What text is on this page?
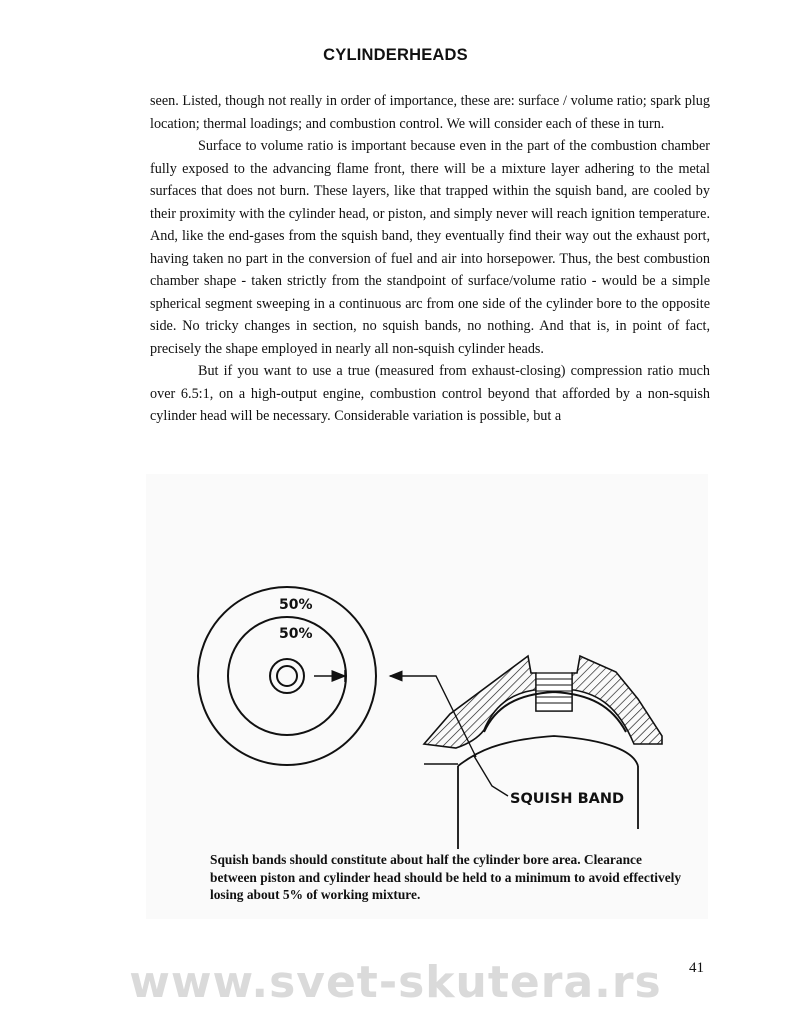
CYLINDERHEADS

seen. Listed, though not really in order of importance, these are: surface / volume ratio; spark plug location; thermal loadings; and combustion control. We will consider each of these in turn.

Surface to volume ratio is important because even in the part of the combustion chamber fully exposed to the advancing flame front, there will be a mixture layer adhering to the metal surfaces that does not burn. These layers, like that trapped within the squish band, are cooled by their proximity with the cylinder head, or piston, and simply never will reach ignition temperature. And, like the end-gases from the squish band, they eventually find their way out the exhaust port, having taken no part in the conversion of fuel and air into horsepower. Thus, the best combustion chamber shape - taken strictly from the standpoint of surface/volume ratio - would be a simple spherical segment sweeping in a continuous arc from one side of the cylinder bore to the opposite side. No tricky changes in section, no squish bands, no nothing. And that is, in point of fact, precisely the shape employed in nearly all non-squish cylinder heads.

But if you want to use a true (measured from exhaust-closing) compression ratio much over 6.5:1, on a high-output engine, combustion control beyond that afforded by a non-squish cylinder head will be necessary. Considerable variation is possible, but a

50%
50%
SQUISH BAND
Squish bands should constitute about half the cylinder bore area. Clearance between piston and cylinder head should be held to a minimum to avoid effectively losing about 5% of working mixture.
41
www.svet-skutera.rs
